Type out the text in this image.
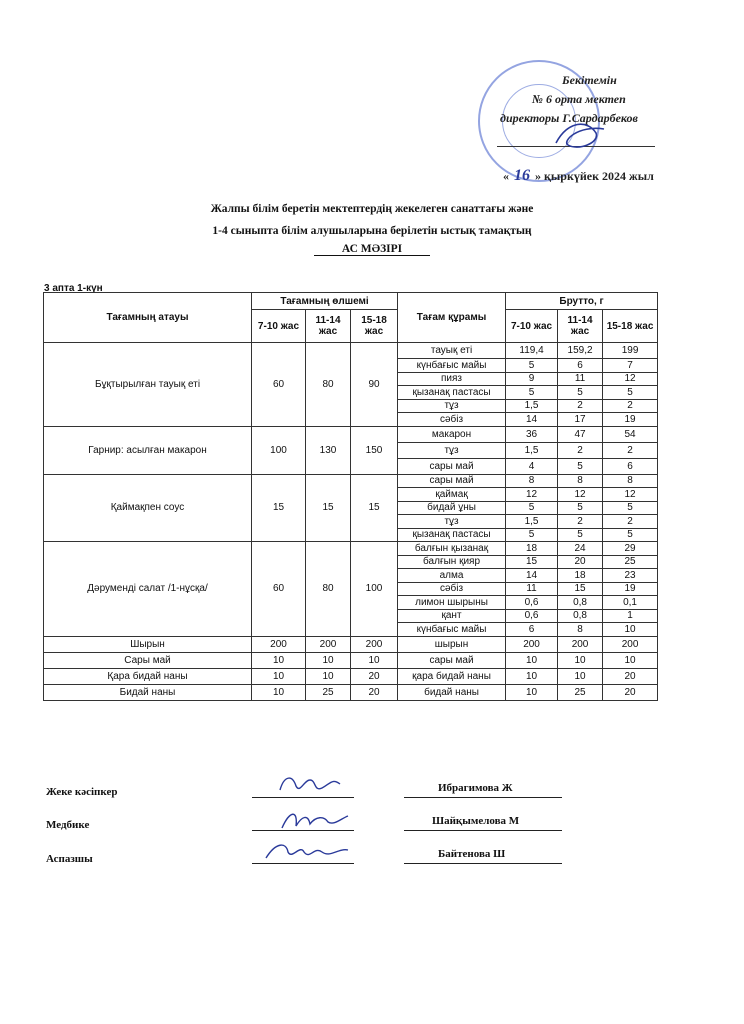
Бекітемін
№ 6 орта мектеп
директоры Г.Сардарбеков
« 16 » қыркүйек 2024 жыл
Жалпы білім беретін мектептердің жекелеген санаттағы және
1-4 сыныпта білім алушыларына берілетін ыстық тамақтың
АС МӘЗІРІ
3 апта 1-күн
Тағамның атауы	Тағамның өлшемі			Тағам құрамы	Брутто, г		
	7-10 жас	11-14 жас	15-18 жас		7-10 жас	11-14 жас	15-18 жас
Бұқтырылған тауық еті	60	80	90	тауық еті	119,4	159,2	199
				күнбағыс майы	5	6	7
				пияз	9	11	12
				қызанақ пастасы	5	5	5
				тұз	1,5	2	2
				сәбіз	14	17	19
Гарнир: асылған макарон	100	130	150	макарон	36	47	54
				тұз	1,5	2	2
				сары май	4	5	6
Қаймақпен соус	15	15	15	сары май	8	8	8
				қаймақ	12	12	12
				бидай ұны	5	5	5
				тұз	1,5	2	2
				қызанақ пастасы	5	5	5
Дәруменді салат /1-нұсқа/	60	80	100	балғын қызанақ	18	24	29
				балғын қияр	15	20	25
				алма	14	18	23
				сәбіз	11	15	19
				лимон шырыны	0,6	0,8	0,1
				қант	0,6	0,8	1
				күнбағыс майы	6	8	10
Шырын	200	200	200	шырын	200	200	200
Сары май	10	10	10	сары май	10	10	10
Қара бидай наны	10	10	20	қара бидай наны	10	10	20
Бидай наны	10	25	20	бидай наны	10	25	20
Жеке кәсіпкер	Ибрагимова Ж
Медбике	Шайқымелова М
Аспазшы	Байтенова Ш
